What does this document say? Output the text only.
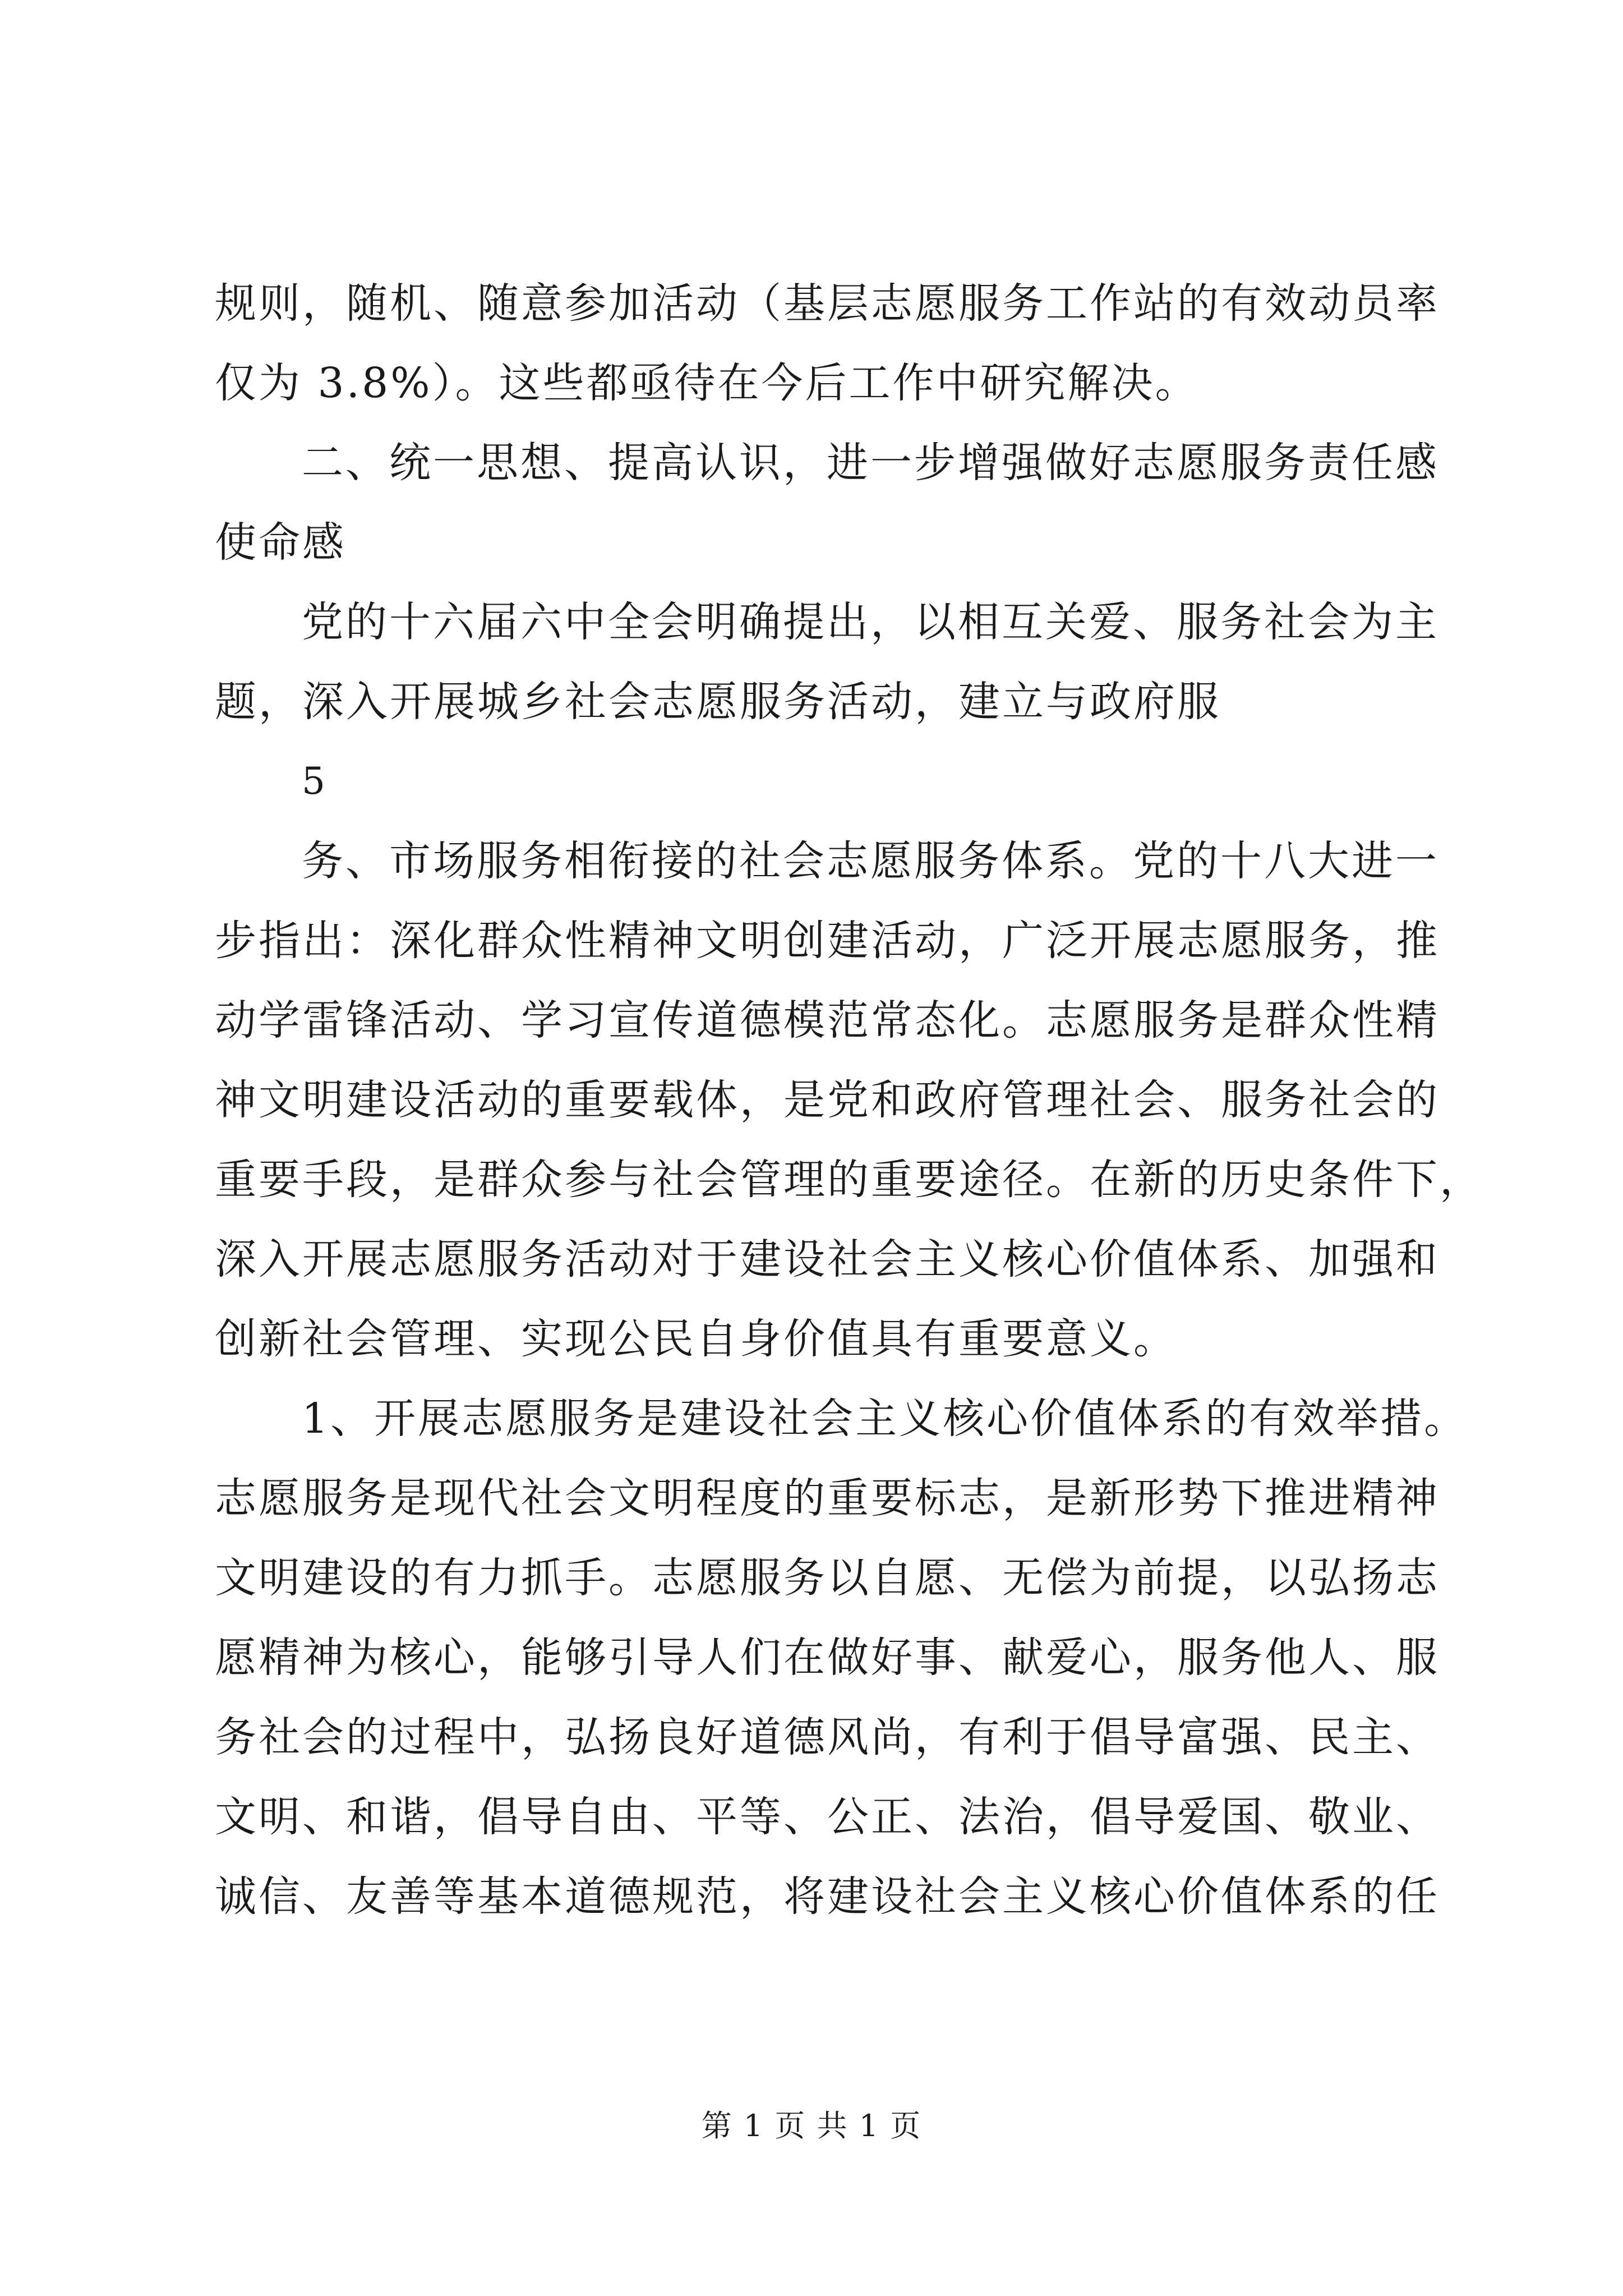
规则，随机、随意参加活动（基层志愿服务工作站的有效动员率
仅为 3.8%）。这些都亟待在今后工作中研究解决。
二、统一思想、提高认识，进一步增强做好志愿服务责任感
使命感
党的十六届六中全会明确提出，以相互关爱、服务社会为主
题，深入开展城乡社会志愿服务活动，建立与政府服
5
务、市场服务相衔接的社会志愿服务体系。党的十八大进一
步指出：深化群众性精神文明创建活动，广泛开展志愿服务，推
动学雷锋活动、学习宣传道德模范常态化。志愿服务是群众性精
神文明建设活动的重要载体，是党和政府管理社会、服务社会的
重要手段，是群众参与社会管理的重要途径。在新的历史条件下，
深入开展志愿服务活动对于建设社会主义核心价值体系、加强和
创新社会管理、实现公民自身价值具有重要意义。
1、开展志愿服务是建设社会主义核心价值体系的有效举措。
志愿服务是现代社会文明程度的重要标志，是新形势下推进精神
文明建设的有力抓手。志愿服务以自愿、无偿为前提，以弘扬志
愿精神为核心，能够引导人们在做好事、献爱心，服务他人、服
务社会的过程中，弘扬良好道德风尚，有利于倡导富强、民主、
文明、和谐，倡导自由、平等、公正、法治，倡导爱国、敬业、
诚信、友善等基本道德规范，将建设社会主义核心价值体系的任
第 1 页 共 1 页
